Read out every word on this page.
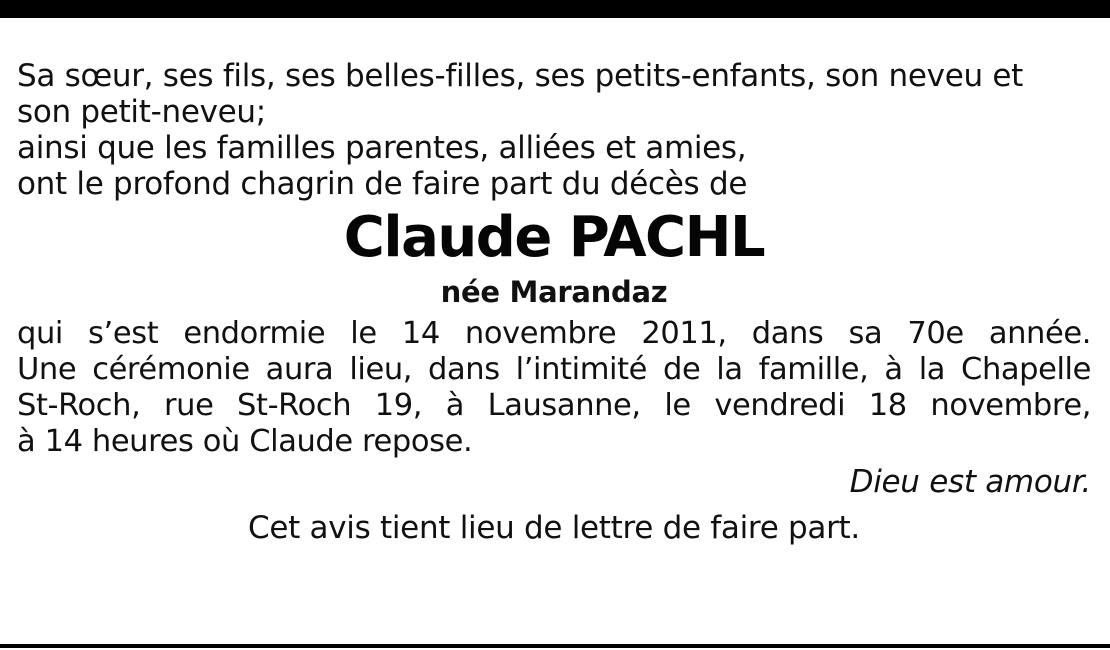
Sa sœur, ses fils, ses belles-filles, ses petits-enfants, son neveu et
son petit-neveu;
ainsi que les familles parentes, alliées et amies,
ont le profond chagrin de faire part du décès de
Claude PACHL
née Marandaz
qui s’est endormie le 14 novembre 2011, dans sa 70e année.
Une cérémonie aura lieu, dans l’intimité de la famille, à la Chapelle
St-Roch, rue St-Roch 19, à Lausanne, le vendredi 18 novembre,
à 14 heures où Claude repose.
Dieu est amour.
Cet avis tient lieu de lettre de faire part.
